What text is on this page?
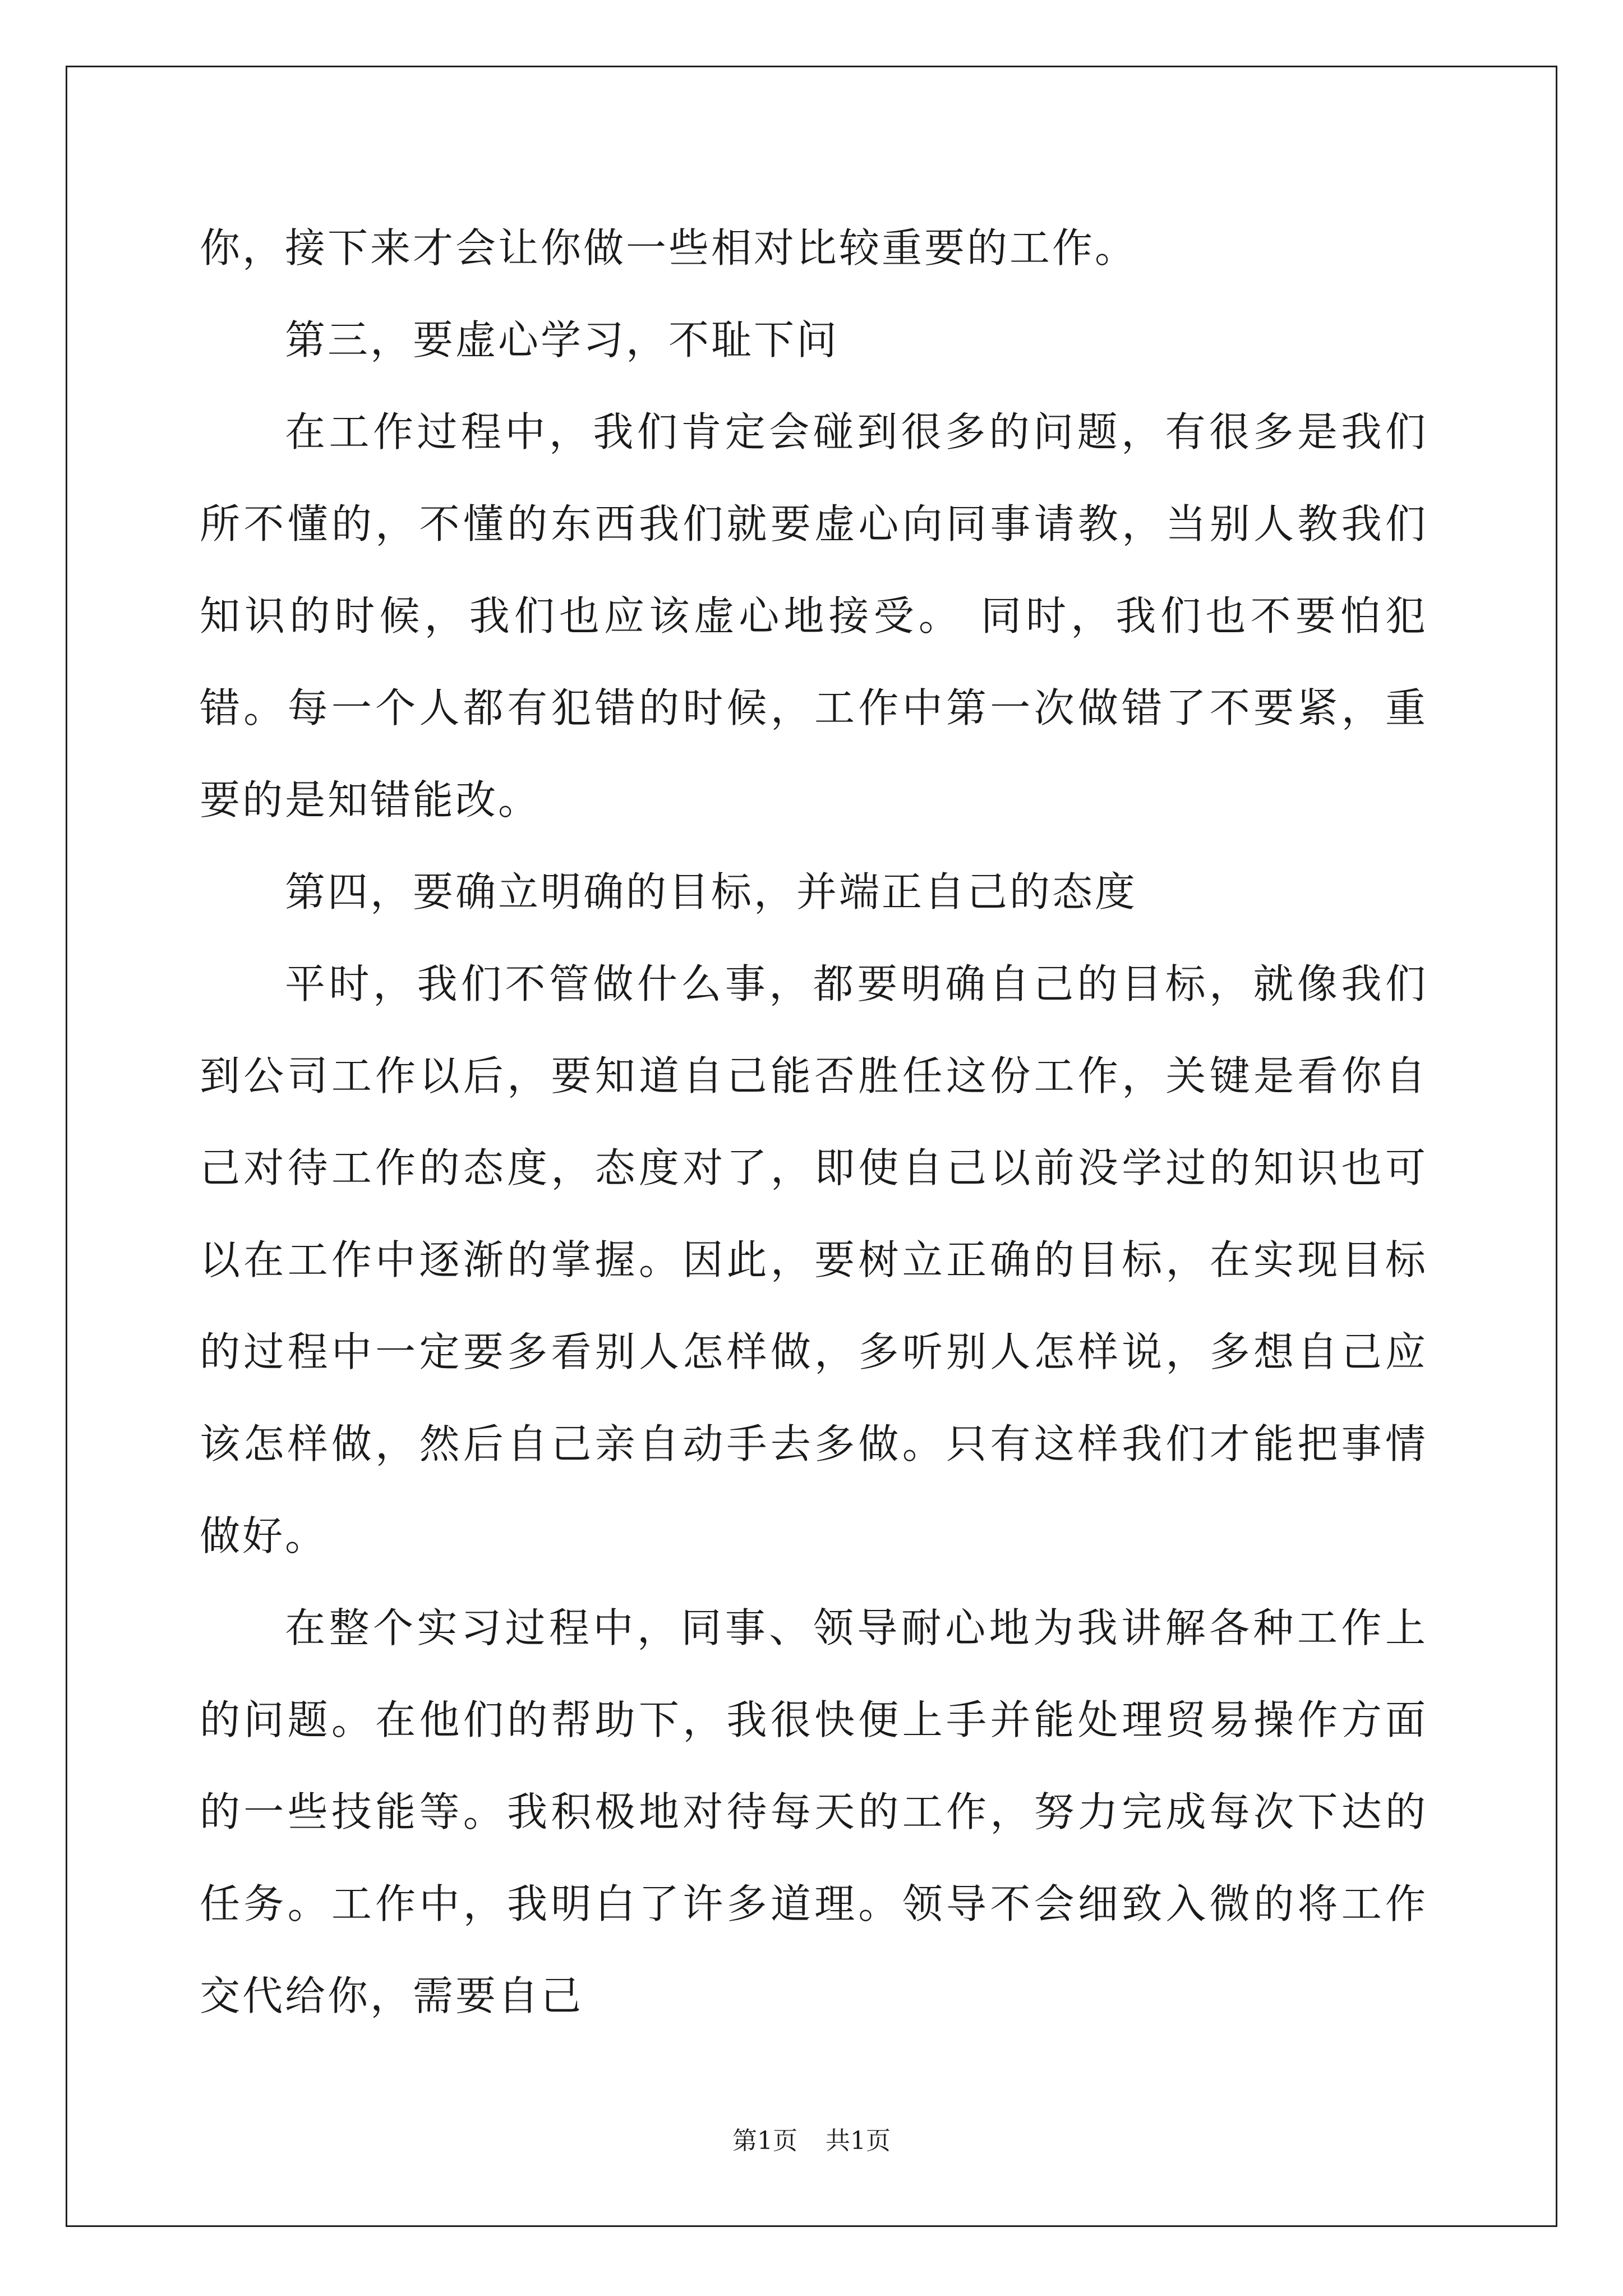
你，接下来才会让你做一些相对比较重要的工作。

第三，要虚心学习，不耻下问

在工作过程中，我们肯定会碰到很多的问题，有很多是我们所不懂的，不懂的东西我们就要虚心向同事请教，当别人教我们知识的时候，我们也应该虚心地接受。 同时，我们也不要怕犯错。每一个人都有犯错的时候，工作中第一次做错了不要紧，重要的是知错能改。

第四，要确立明确的目标，并端正自己的态度

平时，我们不管做什么事，都要明确自己的目标，就像我们到公司工作以后，要知道自己能否胜任这份工作，关键是看你自己对待工作的态度，态度对了，即使自己以前没学过的知识也可以在工作中逐渐的掌握。因此，要树立正确的目标，在实现目标的过程中一定要多看别人怎样做，多听别人怎样说，多想自己应该怎样做，然后自己亲自动手去多做。只有这样我们才能把事情做好。

在整个实习过程中，同事、领导耐心地为我讲解各种工作上的问题。在他们的帮助下，我很快便上手并能处理贸易操作方面的一些技能等。我积极地对待每天的工作，努力完成每次下达的任务。工作中，我明白了许多道理。领导不会细致入微的将工作交代给你，需要自己

第1页 共1页
